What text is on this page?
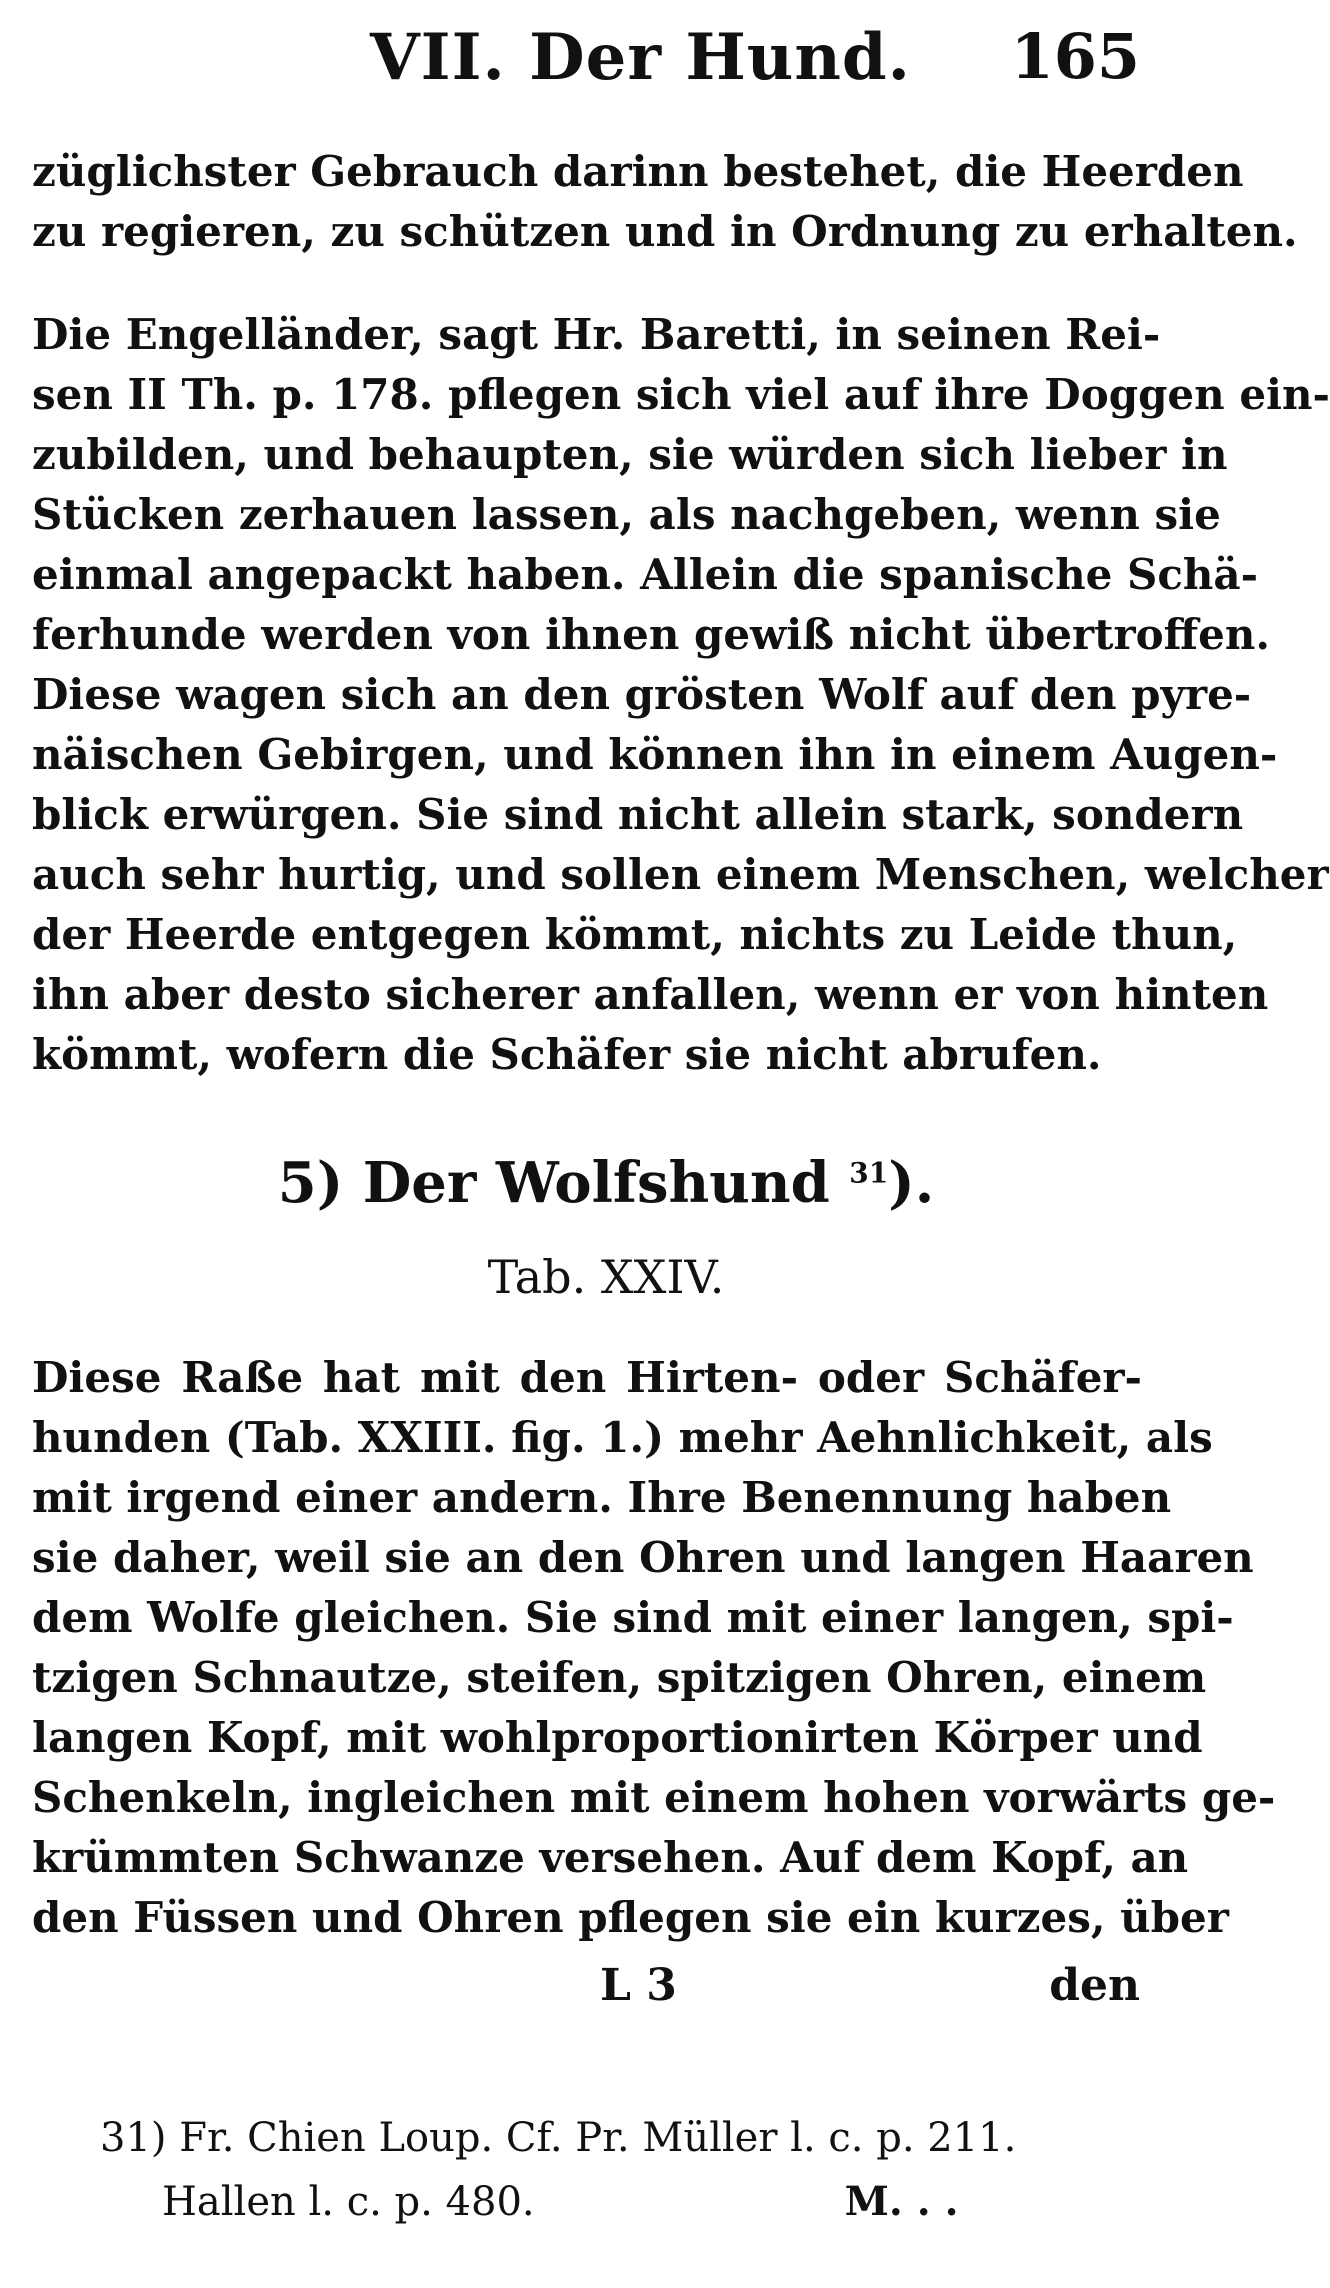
VII. Der Hund. 165
züglichster Gebrauch darinn bestehet, die Heerden
zu regieren, zu schützen und in Ordnung zu erhalten.
Die Engelländer, sagt Hr. Baretti, in seinen Rei-
sen II Th. p. 178. pflegen sich viel auf ihre Doggen ein-
zubilden, und behaupten, sie würden sich lieber in
Stücken zerhauen lassen, als nachgeben, wenn sie
einmal angepackt haben. Allein die spanische Schä-
ferhunde werden von ihnen gewiß nicht übertroffen.
Diese wagen sich an den grösten Wolf auf den pyre-
näischen Gebirgen, und können ihn in einem Augen-
blick erwürgen. Sie sind nicht allein stark, sondern
auch sehr hurtig, und sollen einem Menschen, welcher
der Heerde entgegen kömmt, nichts zu Leide thun,
ihn aber desto sicherer anfallen, wenn er von hinten
kömmt, wofern die Schäfer sie nicht abrufen.
5) Der Wolfshund $^{31}$).
Tab. XXIV.
Diese Raße hat mit den Hirten- oder Schäfer-
hunden (Tab. XXIII. fig. 1.) mehr Aehnlichkeit, als
mit irgend einer andern. Ihre Benennung haben
sie daher, weil sie an den Ohren und langen Haaren
dem Wolfe gleichen. Sie sind mit einer langen, spi-
tzigen Schnautze, steifen, spitzigen Ohren, einem
langen Kopf, mit wohlproportionirten Körper und
Schenkeln, ingleichen mit einem hohen vorwärts ge-
krümmten Schwanze versehen. Auf dem Kopf, an
den Füssen und Ohren pflegen sie ein kurzes, über
L 3	den
31) Fr. Chien Loup. Cf. Pr. Müller l. c. p. 211.
Hallen l. c. p. 480.	M. . .
